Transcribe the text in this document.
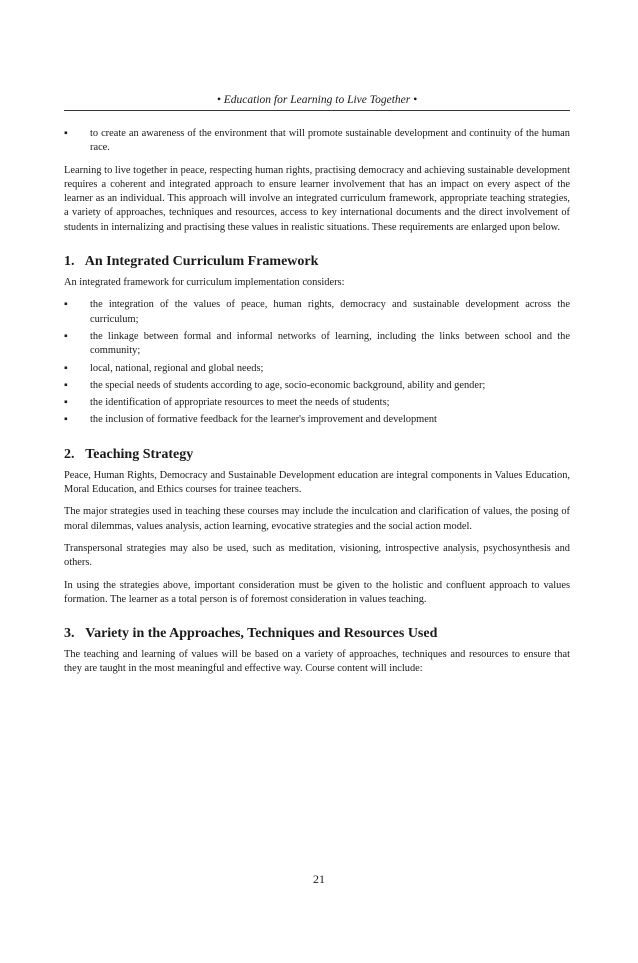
• Education for Learning to Live Together •
▪	to create an awareness of the environment that will promote sustainable development and continuity of the human race.

Learning to live together in peace, respecting human rights, practising democracy and achieving sustainable development requires a coherent and integrated approach to ensure learner involvement that has an impact on every aspect of the learner as an individual. This approach will involve an integrated curriculum framework, appropriate teaching strategies, a variety of approaches, techniques and resources, access to key international documents and the direct involvement of students in internalizing and practising these values in realistic situations. These requirements are enlarged upon below.

1. An Integrated Curriculum Framework

An integrated framework for curriculum implementation considers:

▪	the integration of the values of peace, human rights, democracy and sustainable development across the curriculum;
▪	the linkage between formal and informal networks of learning, including the links between school and the community;
▪	local, national, regional and global needs;
▪	the special needs of students according to age, socio-economic background, ability and gender;
▪	the identification of appropriate resources to meet the needs of students;
▪	the inclusion of formative feedback for the learner's improvement and development
2. Teaching Strategy

Peace, Human Rights, Democracy and Sustainable Development education are integral components in Values Education, Moral Education, and Ethics courses for trainee teachers.

The major strategies used in teaching these courses may include the inculcation and clarification of values, the posing of moral dilemmas, values analysis, action learning, evocative strategies and the social action model.

Transpersonal strategies may also be used, such as meditation, visioning, introspective analysis, psychosynthesis and others.

In using the strategies above, important consideration must be given to the holistic and confluent approach to values formation. The learner as a total person is of foremost consideration in values teaching.

3. Variety in the Approaches, Techniques and Resources Used

The teaching and learning of values will be based on a variety of approaches, techniques and resources to ensure that they are taught in the most meaningful and effective way. Course content will include:

21
